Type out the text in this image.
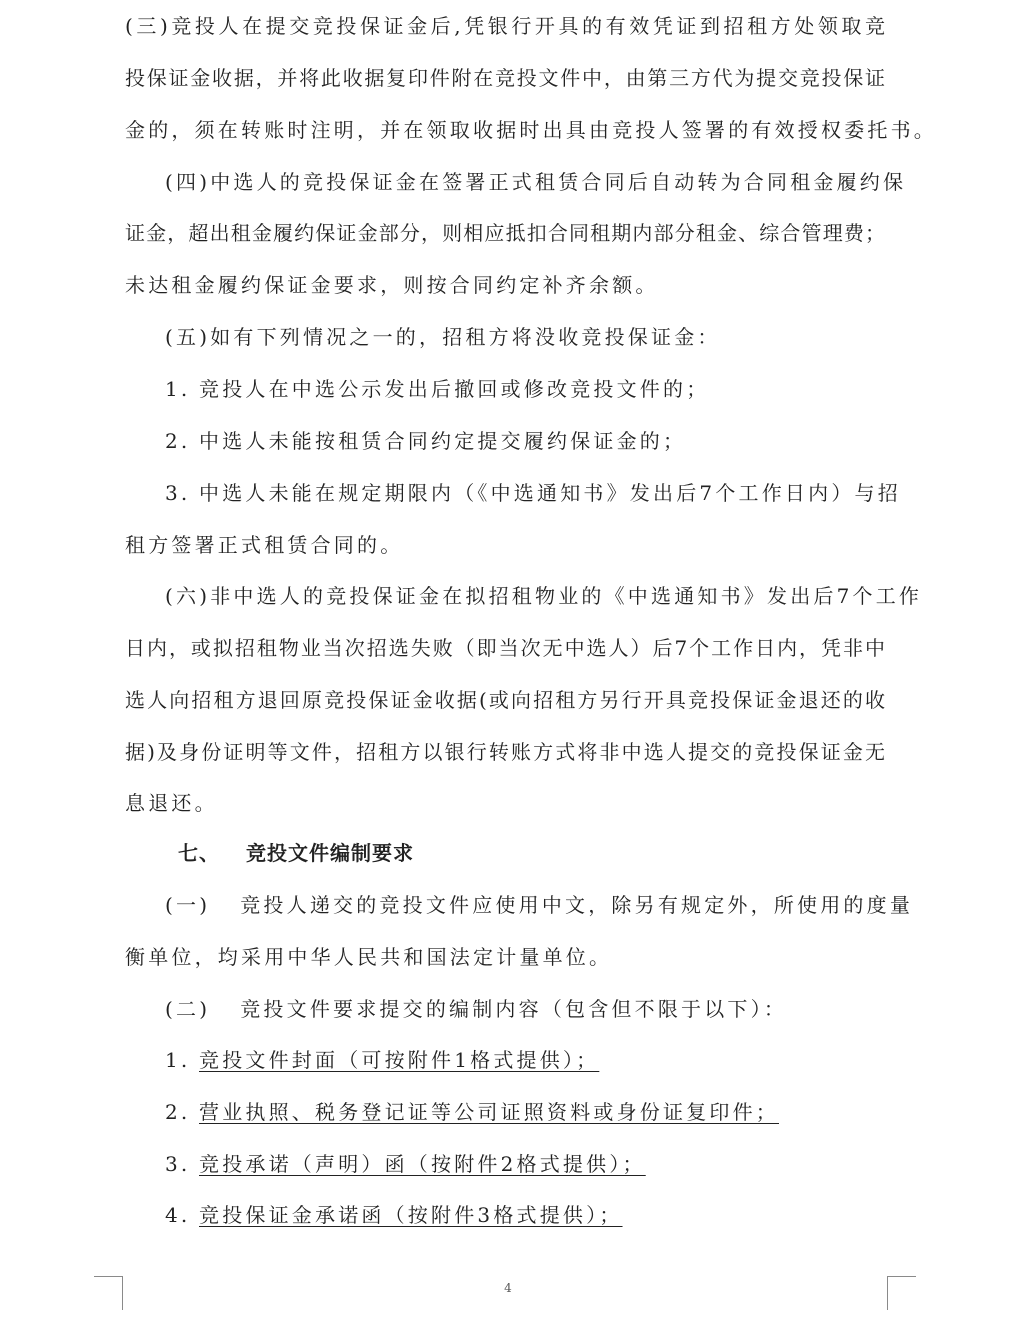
(三)竞投人在提交竞投保证金后,凭银行开具的有效凭证到招租方处领取竞
投保证金收据，并将此收据复印件附在竞投文件中，由第三方代为提交竞投保证
金的，须在转账时注明，并在领取收据时出具由竞投人签署的有效授权委托书。
(四)中选人的竞投保证金在签署正式租赁合同后自动转为合同租金履约保
证金，超出租金履约保证金部分，则相应抵扣合同租期内部分租金、综合管理费；
未达租金履约保证金要求，则按合同约定补齐余额。
(五)如有下列情况之一的，招租方将没收竞投保证金：
1. 竞投人在中选公示发出后撤回或修改竞投文件的；
2. 中选人未能按租赁合同约定提交履约保证金的；
3. 中选人未能在规定期限内（《中选通知书》发出后7个工作日内）与招
租方签署正式租赁合同的。
(六)非中选人的竞投保证金在拟招租物业的《中选通知书》发出后7个工作
日内，或拟招租物业当次招选失败（即当次无中选人）后7个工作日内，凭非中
选人向招租方退回原竞投保证金收据(或向招租方另行开具竞投保证金退还的收
据)及身份证明等文件，招租方以银行转账方式将非中选人提交的竞投保证金无
息退还。
七、 竞投文件编制要求
(一) 竞投人递交的竞投文件应使用中文，除另有规定外，所使用的度量
衡单位，均采用中华人民共和国法定计量单位。
(二) 竞投文件要求提交的编制内容（包含但不限于以下）：
1. 竞投文件封面（可按附件1格式提供）；
2. 营业执照、税务登记证等公司证照资料或身份证复印件；
3. 竞投承诺（声明）函（按附件2格式提供）；
4. 竞投保证金承诺函（按附件3格式提供）；
4
